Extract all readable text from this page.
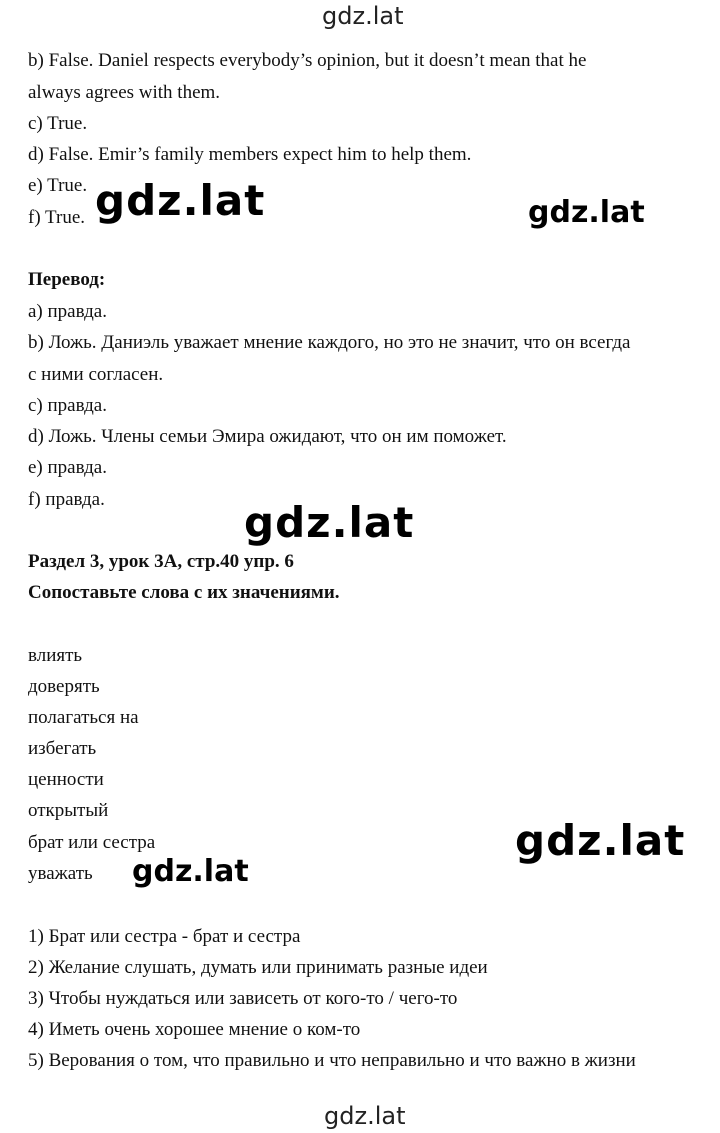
gdz.lat
b) False. Daniel respects everybody’s opinion, but it doesn’t mean that he
always agrees with them.
c) True.
d) False. Emir’s family members expect him to help them.
e) True.
f) True.
Перевод:
a) правда.
b) Ложь. Даниэль уважает мнение каждого, но это не значит, что он всегда
с ними согласен.
c) правда.
d) Ложь. Члены семьи Эмира ожидают, что он им поможет.
e) правда.
f) правда.
Раздел 3, урок 3A, стр.40 упр. 6
Сопоставьте слова с их значениями.
влиять
доверять
полагаться на
избегать
ценности
открытый
брат или сестра
уважать
1) Брат или сестра - брат и сестра
2) Желание слушать, думать или принимать разные идеи
3) Чтобы нуждаться или зависеть от кого-то / чего-то
4) Иметь очень хорошее мнение о ком-то
5) Верования о том, что правильно и что неправильно и что важно в жизни
gdz.lat	gdz.lat
gdz.lat
gdz.lat
gdz.lat
gdz.lat
